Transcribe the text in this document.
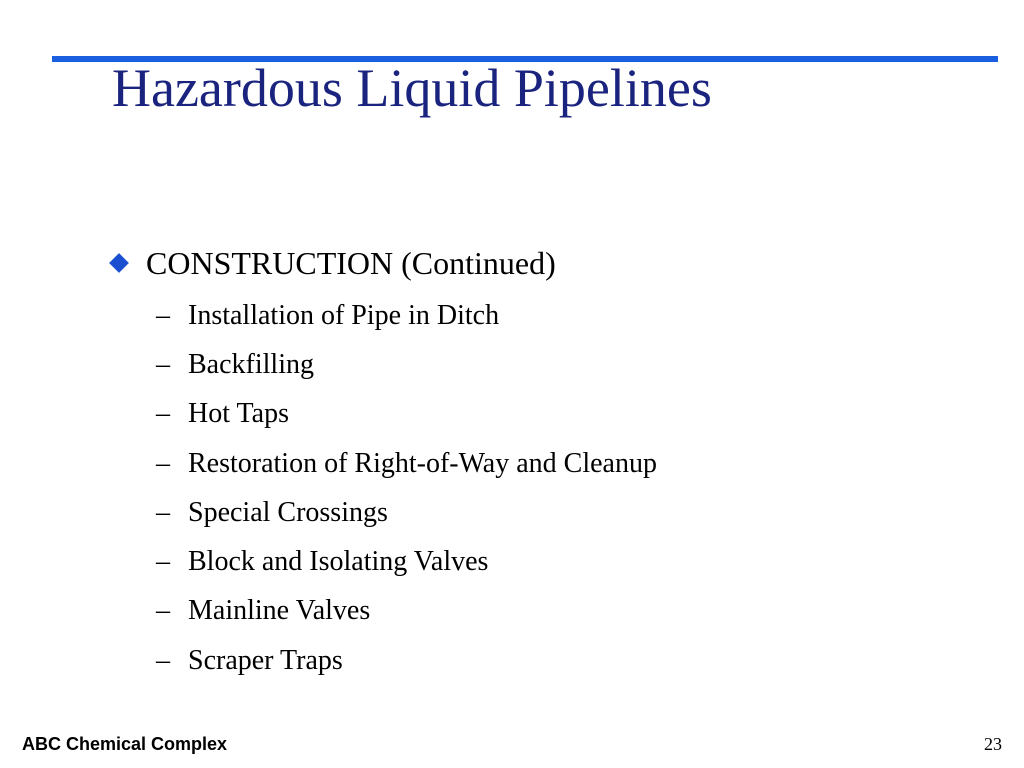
Hazardous Liquid Pipelines
CONSTRUCTION (Continued)
– Installation of Pipe in Ditch
– Backfilling
– Hot Taps
– Restoration of Right-of-Way and Cleanup
– Special Crossings
– Block and Isolating Valves
– Mainline Valves
– Scraper Traps
ABC Chemical Complex	23
